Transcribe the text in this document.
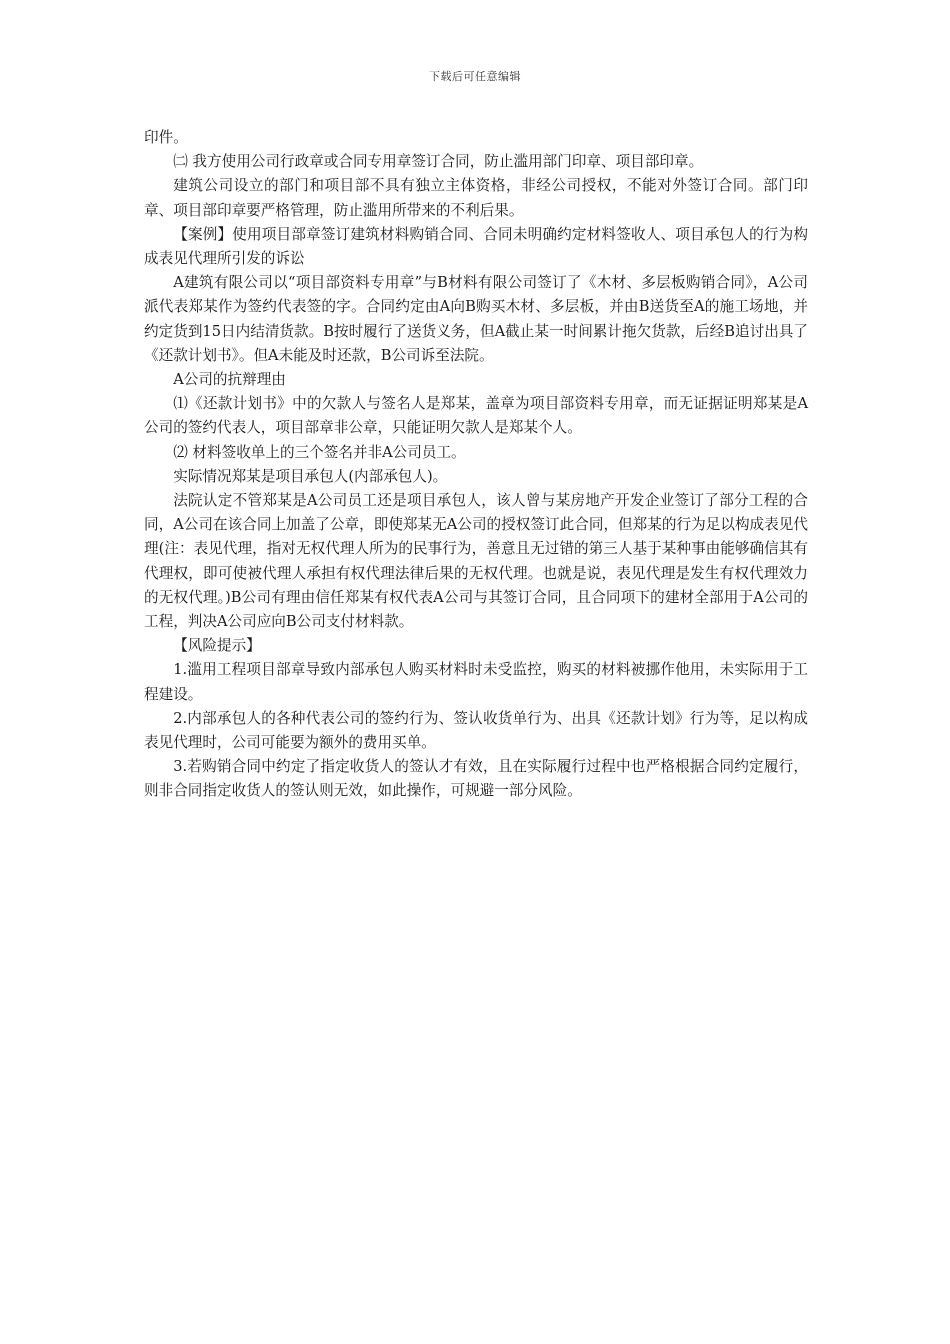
下载后可任意编辑

印件。

㈡ 我方使用公司行政章或合同专用章签订合同，防止滥用部门印章、项目部印章。

建筑公司设立的部门和项目部不具有独立主体资格，非经公司授权，不能对外签订合同。部门印章、项目部印章要严格管理，防止滥用所带来的不利后果。

【案例】使用项目部章签订建筑材料购销合同、合同未明确约定材料签收人、项目承包人的行为构成表见代理所引发的诉讼

A建筑有限公司以“项目部资料专用章”与B材料有限公司签订了《木材、多层板购销合同》，A公司派代表郑某作为签约代表签的字。合同约定由A向B购买木材、多层板，并由B送货至A的施工场地，并约定货到15日内结清货款。B按时履行了送货义务，但A截止某一时间累计拖欠货款，后经B追讨出具了《还款计划书》。但A未能及时还款，B公司诉至法院。

A公司的抗辩理由

⑴《还款计划书》中的欠款人与签名人是郑某，盖章为项目部资料专用章，而无证据证明郑某是A公司的签约代表人，项目部章非公章，只能证明欠款人是郑某个人。

⑵ 材料签收单上的三个签名并非A公司员工。

实际情况郑某是项目承包人(内部承包人)。

法院认定不管郑某是A公司员工还是项目承包人，该人曾与某房地产开发企业签订了部分工程的合同，A公司在该合同上加盖了公章，即使郑某无A公司的授权签订此合同，但郑某的行为足以构成表见代理(注：表见代理，指对无权代理人所为的民事行为，善意且无过错的第三人基于某种事由能够确信其有代理权，即可使被代理人承担有权代理法律后果的无权代理。也就是说，表见代理是发生有权代理效力的无权代理。)B公司有理由信任郑某有权代表A公司与其签订合同，且合同项下的建材全部用于A公司的工程，判决A公司应向B公司支付材料款。

【风险提示】

1.滥用工程项目部章导致内部承包人购买材料时未受监控，购买的材料被挪作他用，未实际用于工程建设。

2.内部承包人的各种代表公司的签约行为、签认收货单行为、出具《还款计划》行为等，足以构成表见代理时，公司可能要为额外的费用买单。

3.若购销合同中约定了指定收货人的签认才有效，且在实际履行过程中也严格根据合同约定履行，则非合同指定收货人的签认则无效，如此操作，可规避一部分风险。
